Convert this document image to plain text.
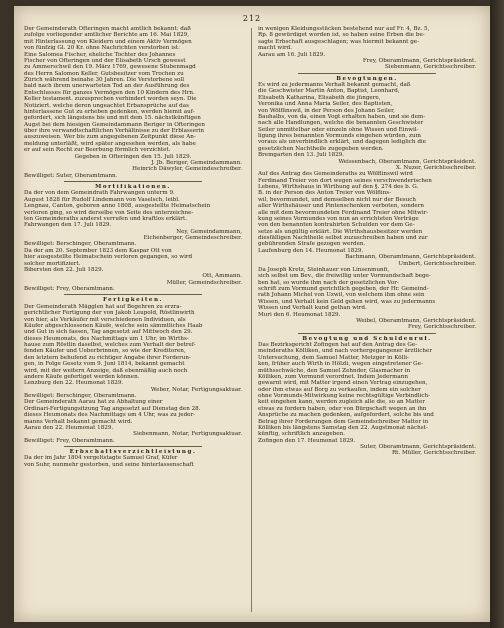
212
Der Gemeinderath Ofteringen macht amtlich bekannt: daß
zufolge vorliegender amtlicher Berichte am 16. Mai 1829,
mit Hinterlassung von Kleidern und einem Aktiv Vermögen
von fünfzig Gl. 20 Kr. ohne Nachrichten verstorben ist:
Eine Salomea Fischer, eheliche Tochter des Johannes
Fischer von Ofteringen und der Elisabeth Ursch gewesst
zu Ammerschwil den 19. März 1769, gewesene Stubenmagd
des Herrn Salomon Keller, Gutsbesitzer vom Trochen zu
Zürich während beinahe 30 Jahren. Die Verstorbene soll
bald nach ihrem unerwarteten Tod an der Ausführung des
Entschlusses für ganzes Vermögen den 10 Kindern des Hrn.
Keller testament. zuzusprechen verhindert worden seyn. Die
Notiziert. welche deren ungeachtet Erbansprüche auf das
hinterlassene Gut zu erheben gedenken, werden hiemit auf-
gefordert, sich längstens bis und mit dem 15. nächstkünftigen
Augst bei dem hiesigen Gemeindammann Beriger in Ofteringen
über ihre verwandtschaftlichen Verhältnisse zu der Erblasserin
auszuweisen. Wer bis zum angegebenen Zeitpunkt diese An-
meldung unterläßt, wird später angesehen werden, als habe
er auf sein Recht zur Beerbung förmlich verzichtet.
Gegeben in Ofteringen den 15. Juli 1829.
J. Jb. Beriger, Gemeindammann.
Heinrich Däwyler, Gemeindeschreiber.
Bewilliget: Suter, Oberamtmann.
Mortifikationen.
Da der von dem Gemeindrath Fahrwangen unterm 9.
August 1828 für Rudolf Lindemann von Vaselsch, leibl.
Lengnau, Canton, geboren anno 1808, ausgestellte Heimatschein
verloren ging, so wird derselbe von Seite des unterzeichne-
ten Gemeinderaths anderst verrufen und kraftlos erklärt.
Fahrwangen den 17. Juli 1829.
Ney, Gemeindammann,
Eichenberger, Gemeindeschreiber.
Bewilliget: Berschinger, Oberamtmann.
Da der am 20. September 1823 dem Kaspar Ott von
hier ausgestellte Heimatschein verloren gegangen, so wird
solcher mortifiziert.
Bibersten den 22. Juli 1829.
Ott, Ammann.
Müller, Gemeindschreiber.
Bewilliget: Frey, Oberamtmann.
Fertigkeiten.
Der Gemeinderath Mägglen hat auf Begehren zu erzra-
gerichtlicher Fertigung der von Jakob Leupold, Röstlinwirth
von hier, als Verkäufer mit verschiedenen Individuen, als
Käufer abgeschlossenen Käufe, welche sein sämmtliches Haab
und Gut in sich fassen, Tag angesetzt auf Mittwoch den 29.
dieses Heumonats, des Nachmittags um 1 Uhr, im Wirths-
hause zum Röstlin daselbst, welches zum Verhalt der betref-
fenden Käufer und Ueberbrinnen, so wie der Kreditoren,
den letztern behufend zu richtiger Angabe ihrer Forderun-
gen, in Folge Gesetz vom 9. Juni 1814, bekannt gemacht
wird, mit der weitern Anzeige, daß ebenmäßig auch noch
andere Käufe gefertiget werden können.
Lenzburg den 22. Heumonat 1829.
Weber, Notar, Fertigungsaktuar.
Bewilliget: Berschinger, Oberamtmann.
Der Gemeinderath Aarau hat zu Abhaltung einer
Ordinari-Fertigungsitzung Tag angesetzt auf Dienstag den 28.
dieses Heumonats des Nachmittags um 4 Uhr, was zu jeder-
manns Verhalt bekannt gemacht wird.
Aarau den 22. Heumonat 1829.
Siebenmann, Notar, Fertigungsaktuar.
Bewilliget: Frey, Oberamtmann.
Erbschaftsverzichtleistung.
Da der im Jahr 1804 vergeltstagte Samuel Graf, Küfer
von Suhr, nunmehr gestorben, und seine hinterlassenschaft
in wenigen Kleidungsstücken bestehend nur auf Fr. 4, Bz. 5,
Rp. 8 gewürdiget worden ist, so haben seine Erben die be-
sagte Erbschaft ausgeschlagen; was hiermit bekannt ge-
macht wird.
Aarau am 16. Juli 1829.
Frey, Oberamtmann, Gerichtspräsident.
Siebenmann, Gerichtsschreiber.
Bevogtungen.
Es wird zu jedermanns Verhalt bekannt gemacht, daß
die Geschwister Martin Anton, Baptist, Leonhard,
Elisabeth Katharina, Elisabeth die jüngere,
Veronika und Anna Maria Seiler, des Baptisten,
von Wölflinswil, in der Person des Johann Seiler,
Bauhalbs, von da, einen Vogt erhalten haben, und sie dem-
nach alle Handlungen, welche die benannten Geschwister
Seiler unmittelbar oder einzeln ohne Wissen und Einwil-
ligung ihres benannten Vormunds eingehen würden, zum
voraus als unverbindlich erklärt, und dagegen lediglich die
gesetzlichen Nachtheile zugegeben werden.
Bremgarten den 13. Juli 1829.
Weissenbach, Oberamtmann, Gerichtspräsident.
X. Nuzer, Gerichtsschreiber.
Auf des Antrag des Gemeinderaths zu Wölflinswil wird
Ferdinand Treier von dort wegen seines verschwenderischen
Lebens, Wirthshaus in Wirthung auf den §. 274 des b. G.
B. in der Person des Anton Treier von Wölflins-
wil, bevormundet, und demselben nicht nur der Besuch
aller Wirthshäuser und Pintenschenken verboten, sondern
alle mit dem bevormundeten Ferdinand Treier ohne Mitwir-
kung seines Vormundes von nun an errichteten Verträge
von den benannten kontrahirten Schulden vor dem Ge-
setze als ungültig erklärt. Die Wirthshausbesitzer werden
diesfälligen Nachtheile selbst zuzuschreiben haben und zur
gebührenden Strafe gezogen werden.
Laufenburg den 14. Heumonat 1829.
Bachmann, Oberamtmann, Gerichtspräsident.
Umbert, Gerichtsschreiber.
Da Joseph Kretz, Steinhauer von Linsenmunfi,
sich selbst um Bev., die freiwillig unter Vormundschaft bege-
ben hat, so wurde ihm nach der gesetzlichen Vor-
schrift zum Vormund gerichtlich gegeben, der Hr. Gemeind-
rath Johann Michel von Uzwil, von welchem ihm ohne sein
Wissen, und Verhalt kein Geld gehen wird, was zu jedermanns
Wissen und Verhalt kund gethan wird.
Muri den 6. Heumonat 1829.
Weibel, Oberamtmann, Gerichtspräsident.
Frey, Gerichtsschreiber.
Bevogtung und Schuldenruf.
Das Bezirksgericht Zofingen hat auf den Antrag des Ge-
meinderaths Kölliken, und nach vorhergegangener ärztlicher
Untersuchung, dem Samuel Matter, Metzger in Kölli-
ken, früher auch Wirth in Hölzli, wegen eingetretener Ge-
müthsschwäche, den Samuel Zehnder, Glasmacher in
Kölliken, zum Vormund verordnet. Indem Jedermann
gewarnt wird, mit Matter irgend einen Vertrag einzugehen,
oder ihm etwas auf Borg zu verkaufen, indem ein solcher
ohne Vormunds-Mitwirkung keine rechtsgültige Verbindlich-
keit eingehen kann, werden zugleich alle die, so an Matter
etwas zu fordern haben, oder von Bürgschaft wegen an ihn
Ansprüche zu machen gedenken, aufgefordert, solche bis und
Betrag ihrer Forderungen dem Gemeindschreiber Matter in
Kölliken bis längstens Samstag den 22. Augstmonat nächst-
künftig, schriftlich anzugeben.
Zofingen den 17. Heumonat 1829.
Suter, Oberamtmann, Gerichtspräsident.
Rt. Müller, Gerichtsschreiber.
